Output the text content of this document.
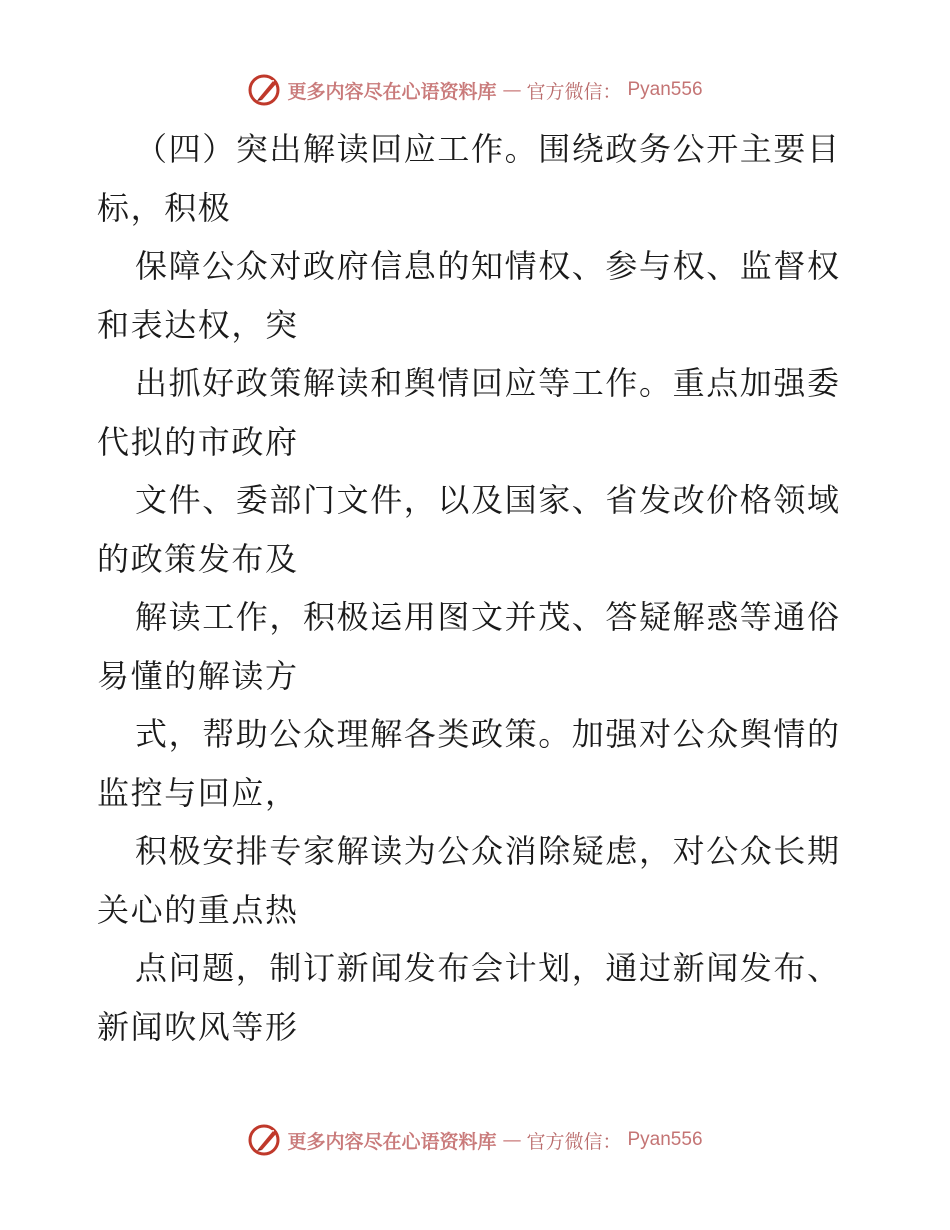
更多内容尽在心语资料库 — 官方微信： Pyan556
（四）突出解读回应工作。围绕政务公开主要目
标，积极
保障公众对政府信息的知情权、参与权、监督权
和表达权，突
出抓好政策解读和舆情回应等工作。重点加强委
代拟的市政府
文件、委部门文件，以及国家、省发改价格领域
的政策发布及
解读工作，积极运用图文并茂、答疑解惑等通俗
易懂的解读方
式，帮助公众理解各类政策。加强对公众舆情的
监控与回应，
积极安排专家解读为公众消除疑虑，对公众长期
关心的重点热
点问题，制订新闻发布会计划，通过新闻发布、
新闻吹风等形
更多内容尽在心语资料库 — 官方微信： Pyan556
